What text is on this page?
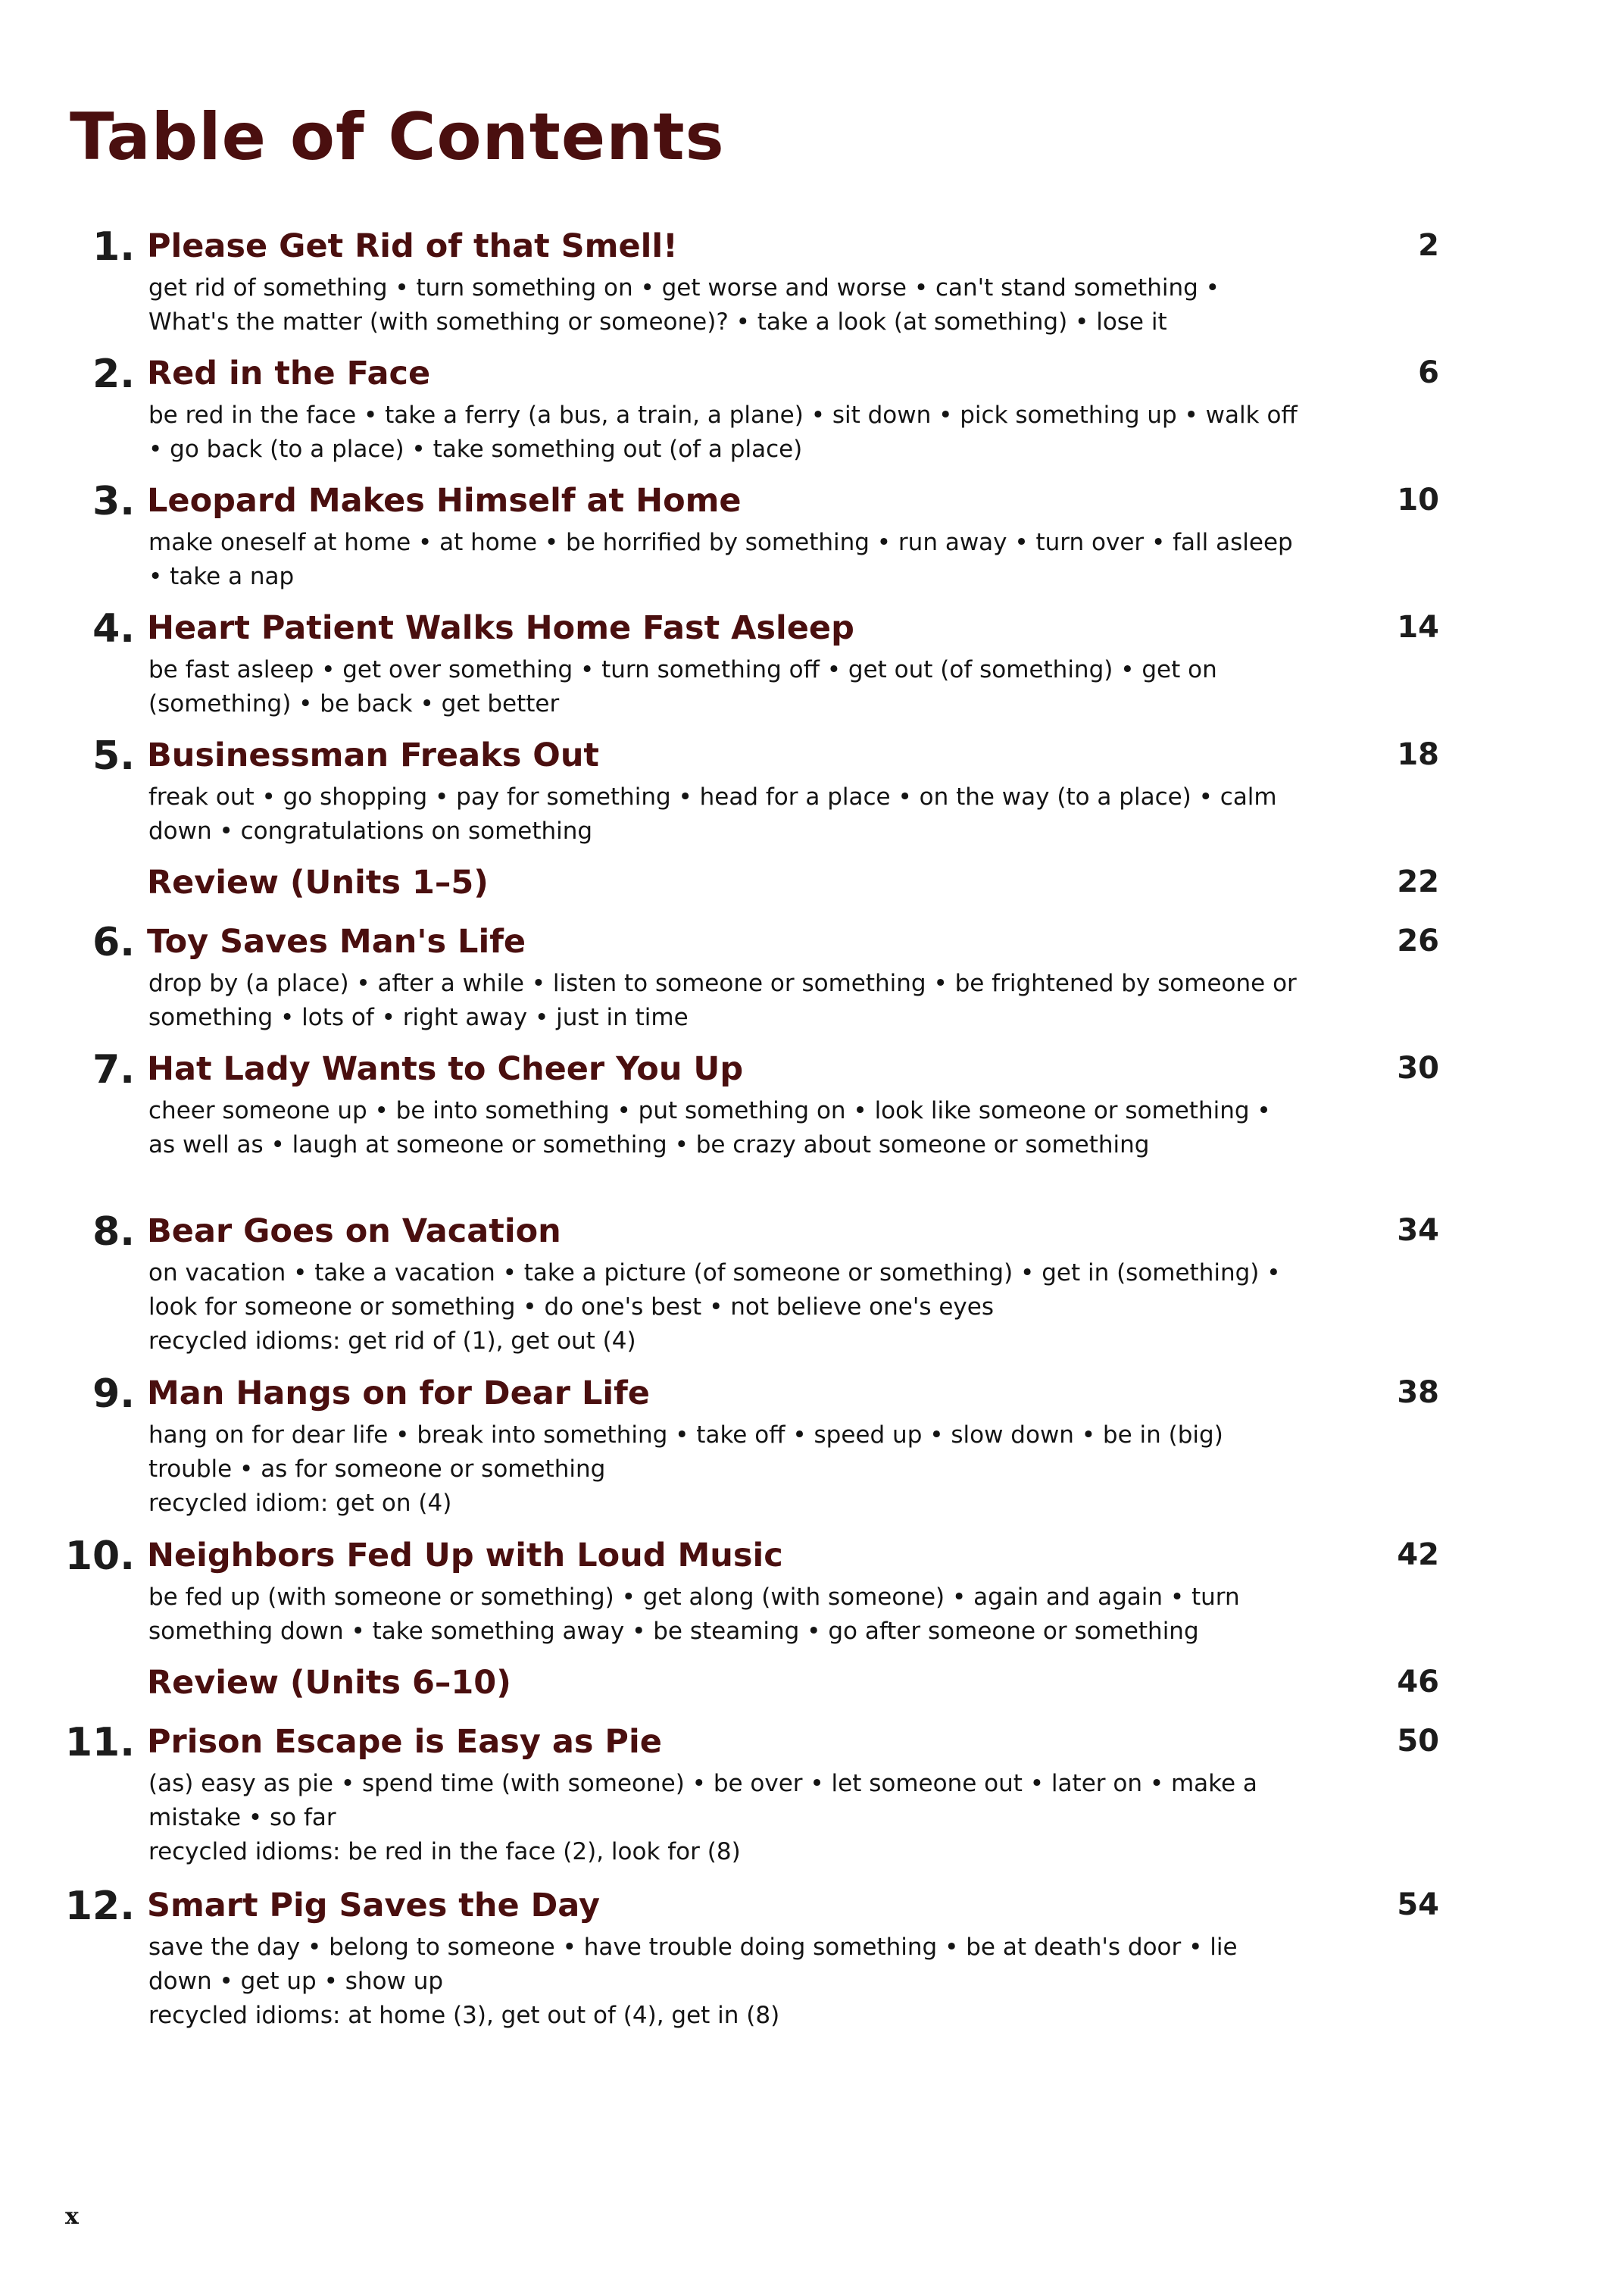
Table of Contents
1. Please Get Rid of that Smell!	2
get rid of something • turn something on • get worse and worse • can't stand something • What's the matter (with something or someone)? • take a look (at something) • lose it
2. Red in the Face	6
be red in the face • take a ferry (a bus, a train, a plane) • sit down • pick something up • walk off • go back (to a place) • take something out (of a place)
3. Leopard Makes Himself at Home	10
make oneself at home • at home • be horrified by something • run away • turn over • fall asleep • take a nap
4. Heart Patient Walks Home Fast Asleep	14
be fast asleep • get over something • turn something off • get out (of something) • get on (something) • be back • get better
5. Businessman Freaks Out	18
freak out • go shopping • pay for something • head for a place • on the way (to a place) • calm down • congratulations on something
Review (Units 1–5)	22
6. Toy Saves Man's Life	26
drop by (a place) • after a while • listen to someone or something • be frightened by someone or something • lots of • right away • just in time
7. Hat Lady Wants to Cheer You Up	30
cheer someone up • be into something • put something on • look like someone or something • as well as • laugh at someone or something • be crazy about someone or something
8. Bear Goes on Vacation	34
on vacation • take a vacation • take a picture (of someone or something) • get in (something) • look for someone or something • do one's best • not believe one's eyes
recycled idioms: get rid of (1), get out (4)
9. Man Hangs on for Dear Life	38
hang on for dear life • break into something • take off • speed up • slow down • be in (big) trouble • as for someone or something
recycled idiom: get on (4)
10. Neighbors Fed Up with Loud Music	42
be fed up (with someone or something) • get along (with someone) • again and again • turn something down • take something away • be steaming • go after someone or something
Review (Units 6–10)	46
11. Prison Escape is Easy as Pie	50
(as) easy as pie • spend time (with someone) • be over • let someone out • later on • make a mistake • so far
recycled idioms: be red in the face (2), look for (8)
12. Smart Pig Saves the Day	54
save the day • belong to someone • have trouble doing something • be at death's door • lie down • get up • show up
recycled idioms: at home (3), get out of (4), get in (8)
x
